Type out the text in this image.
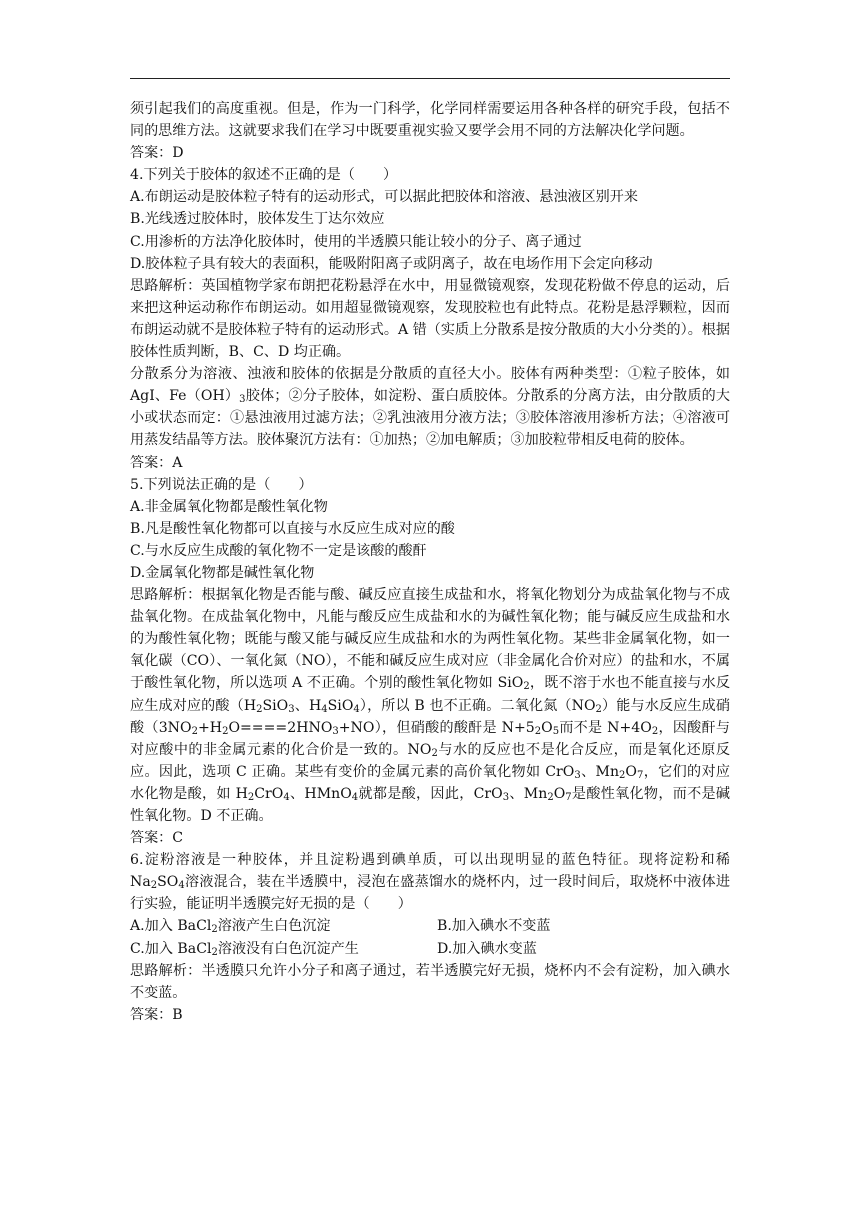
须引起我们的高度重视。但是，作为一门科学，化学同样需要运用各种各样的研究手段，包括不同的思维方法。这就要求我们在学习中既要重视实验又要学会用不同的方法解决化学问题。

答案：D

4.下列关于胶体的叙述不正确的是（　　）

A.布朗运动是胶体粒子特有的运动形式，可以据此把胶体和溶液、悬浊液区别开来

B.光线透过胶体时，胶体发生丁达尔效应

C.用渗析的方法净化胶体时，使用的半透膜只能让较小的分子、离子通过

D.胶体粒子具有较大的表面积，能吸附阳离子或阴离子，故在电场作用下会定向移动

思路解析：英国植物学家布朗把花粉悬浮在水中，用显微镜观察，发现花粉做不停息的运动，后来把这种运动称作布朗运动。如用超显微镜观察，发现胶粒也有此特点。花粉是悬浮颗粒，因而布朗运动就不是胶体粒子特有的运动形式。A 错（实质上分散系是按分散质的大小分类的）。根据胶体性质判断，B、C、D 均正确。

分散系分为溶液、浊液和胶体的依据是分散质的直径大小。胶体有两种类型：①粒子胶体，如 AgI、$Fe(OH)_3$胶体；②分子胶体，如淀粉、蛋白质胶体。分散系的分离方法，由分散质的大小或状态而定：①悬浊液用过滤方法；②乳浊液用分液方法；③胶体溶液用渗析方法；④溶液可用蒸发结晶等方法。胶体聚沉方法有：①加热；②加电解质；③加胶粒带相反电荷的胶体。

答案：A

5.下列说法正确的是（　　）

A.非金属氧化物都是酸性氧化物

B.凡是酸性氧化物都可以直接与水反应生成对应的酸

C.与水反应生成酸的氧化物不一定是该酸的酸酐

D.金属氧化物都是碱性氧化物

思路解析：根据氧化物是否能与酸、碱反应直接生成盐和水，将氧化物划分为成盐氧化物与不成盐氧化物。在成盐氧化物中，凡能与酸反应生成盐和水的为碱性氧化物；能与碱反应生成盐和水的为酸性氧化物；既能与酸又能与碱反应生成盐和水的为两性氧化物。某些非金属氧化物，如一氧化碳（CO）、一氧化氮（NO），不能和碱反应生成对应（非金属化合价对应）的盐和水，不属于酸性氧化物，所以选项 A 不正确。个别的酸性氧化物如 SiO$_2$，既不溶于水也不能直接与水反应生成对应的酸（$H_2SiO_3$、$H_4SiO_4$），所以 B 也不正确。二氧化氮$(NO_2)$能与水反应生成硝酸$(3NO_2+H_2O====2HNO_3+NO)$，但硝酸的酸酐是 $N+5_2O_5$而不是 $N+4O_2$，因酸酐与对应酸中的非金属元素的化合价是一致的。$NO_2$与水的反应也不是化合反应，而是氧化还原反应。因此，选项 C 正确。某些有变价的金属元素的高价氧化物如 CrO$_3$、$Mn_2O_7$，它们的对应水化物是酸，如 $H_2CrO_4$、HMnO$_4$就都是酸，因此，CrO$_3$、$Mn_2O_7$是酸性氧化物，而不是碱性氧化物。D 不正确。

答案：C

6.淀粉溶液是一种胶体，并且淀粉遇到碘单质，可以出现明显的蓝色特征。现将淀粉和稀 $Na_2SO_4$溶液混合，装在半透膜中，浸泡在盛蒸馏水的烧杯内，过一段时间后，取烧杯中液体进行实验，能证明半透膜完好无损的是（　　）

A.加入 BaCl$_2$溶液产生白色沉淀	B.加入碘水不变蓝
C.加入 BaCl$_2$溶液没有白色沉淀产生	D.加入碘水变蓝

思路解析：半透膜只允许小分子和离子通过，若半透膜完好无损，烧杯内不会有淀粉，加入碘水不变蓝。

答案：B
